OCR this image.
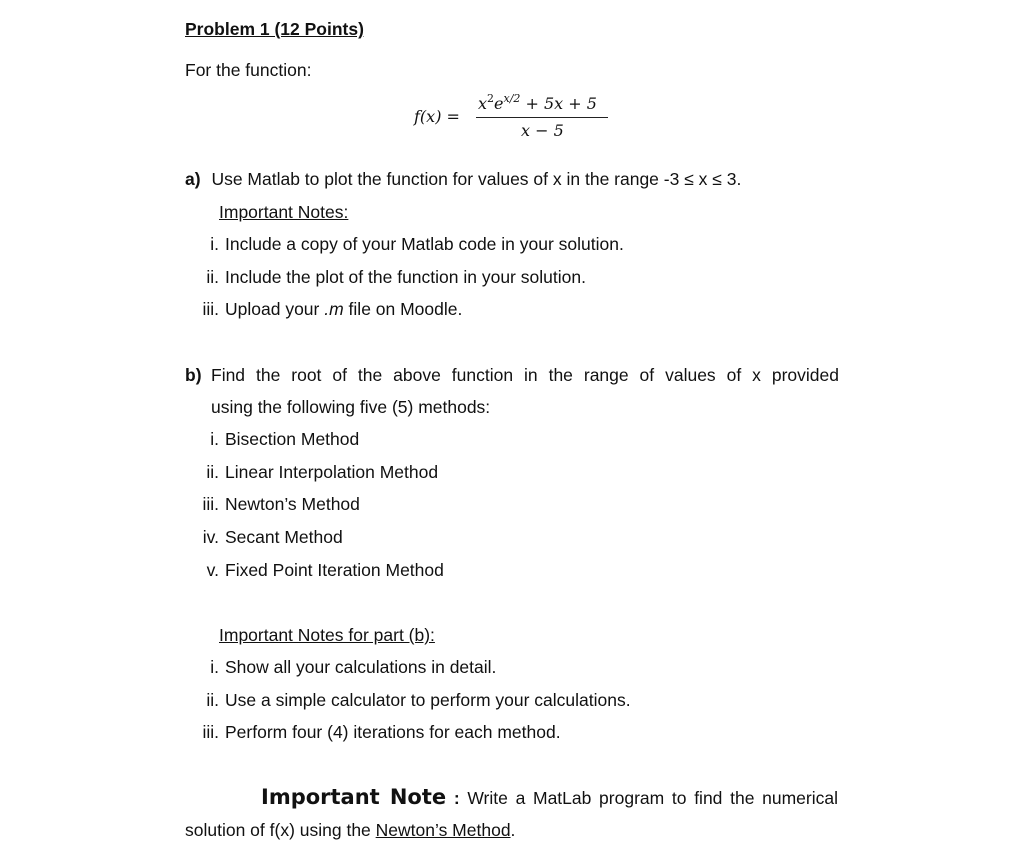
Problem 1 (12 Points)
For the function:
f(x) =
$x^2e^{x/2} + 5x + 5$
x − 5
a) Use Matlab to plot the function for values of x in the range -3 ≤ x ≤ 3.
Important Notes:
i. Include a copy of your Matlab code in your solution.
ii. Include the plot of the function in your solution.
iii. Upload your .m file on Moodle.
b) Find the root of the above function in the range of values of x provided
using the following five (5) methods:
i. Bisection Method
ii. Linear Interpolation Method
iii. Newton’s Method
iv. Secant Method
v. Fixed Point Iteration Method
Important Notes for part (b):
i. Show all your calculations in detail.
ii. Use a simple calculator to perform your calculations.
iii. Perform four (4) iterations for each method.
Important Note : Write a MatLab program to find the numerical
solution of f(x) using the Newton’s Method.
